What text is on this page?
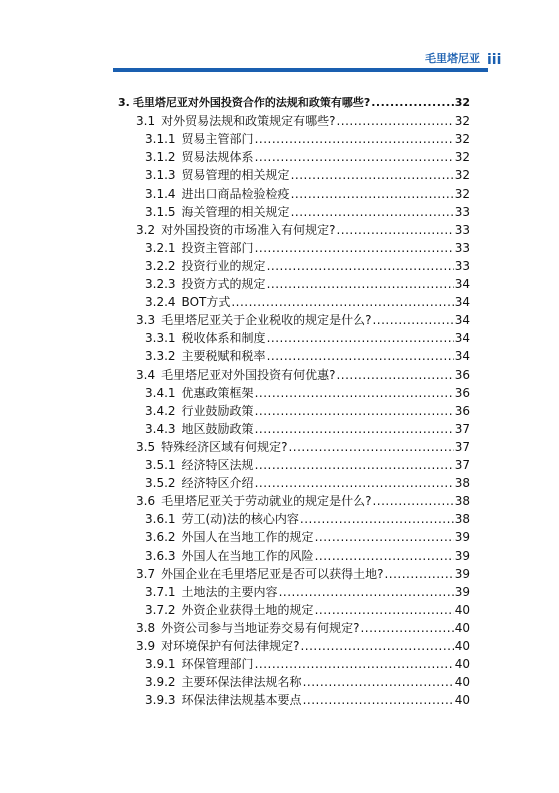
毛里塔尼亚 iii
3. 毛里塔尼亚对外国投资合作的法规和政策有哪些? .....	32
3.1 对外贸易法规和政策规定有哪些? .....	32
3.1.1 贸易主管部门 .....	32
3.1.2 贸易法规体系 .....	32
3.1.3 贸易管理的相关规定 .....	32
3.1.4 进出口商品检验检疫 .....	32
3.1.5 海关管理的相关规定 .....	33
3.2 对外国投资的市场准入有何规定? .....	33
3.2.1 投资主管部门 .....	33
3.2.2 投资行业的规定 .....	33
3.2.3 投资方式的规定 .....	34
3.2.4 BOT方式 .....	34
3.3 毛里塔尼亚关于企业税收的规定是什么? .....	34
3.3.1 税收体系和制度 .....	34
3.3.2 主要税赋和税率 .....	34
3.4 毛里塔尼亚对外国投资有何优惠? .....	36
3.4.1 优惠政策框架 .....	36
3.4.2 行业鼓励政策 .....	36
3.4.3 地区鼓励政策 .....	37
3.5 特殊经济区域有何规定? .....	37
3.5.1 经济特区法规 .....	37
3.5.2 经济特区介绍 .....	38
3.6 毛里塔尼亚关于劳动就业的规定是什么? .....	38
3.6.1 劳工(动)法的核心内容 .....	38
3.6.2 外国人在当地工作的规定 .....	39
3.6.3 外国人在当地工作的风险 .....	39
3.7 外国企业在毛里塔尼亚是否可以获得土地? .....	39
3.7.1 土地法的主要内容 .....	39
3.7.2 外资企业获得土地的规定 .....	40
3.8 外资公司参与当地证券交易有何规定? .....	40
3.9 对环境保护有何法律规定? .....	40
3.9.1 环保管理部门 .....	40
3.9.2 主要环保法律法规名称 .....	40
3.9.3 环保法律法规基本要点 .....	40
